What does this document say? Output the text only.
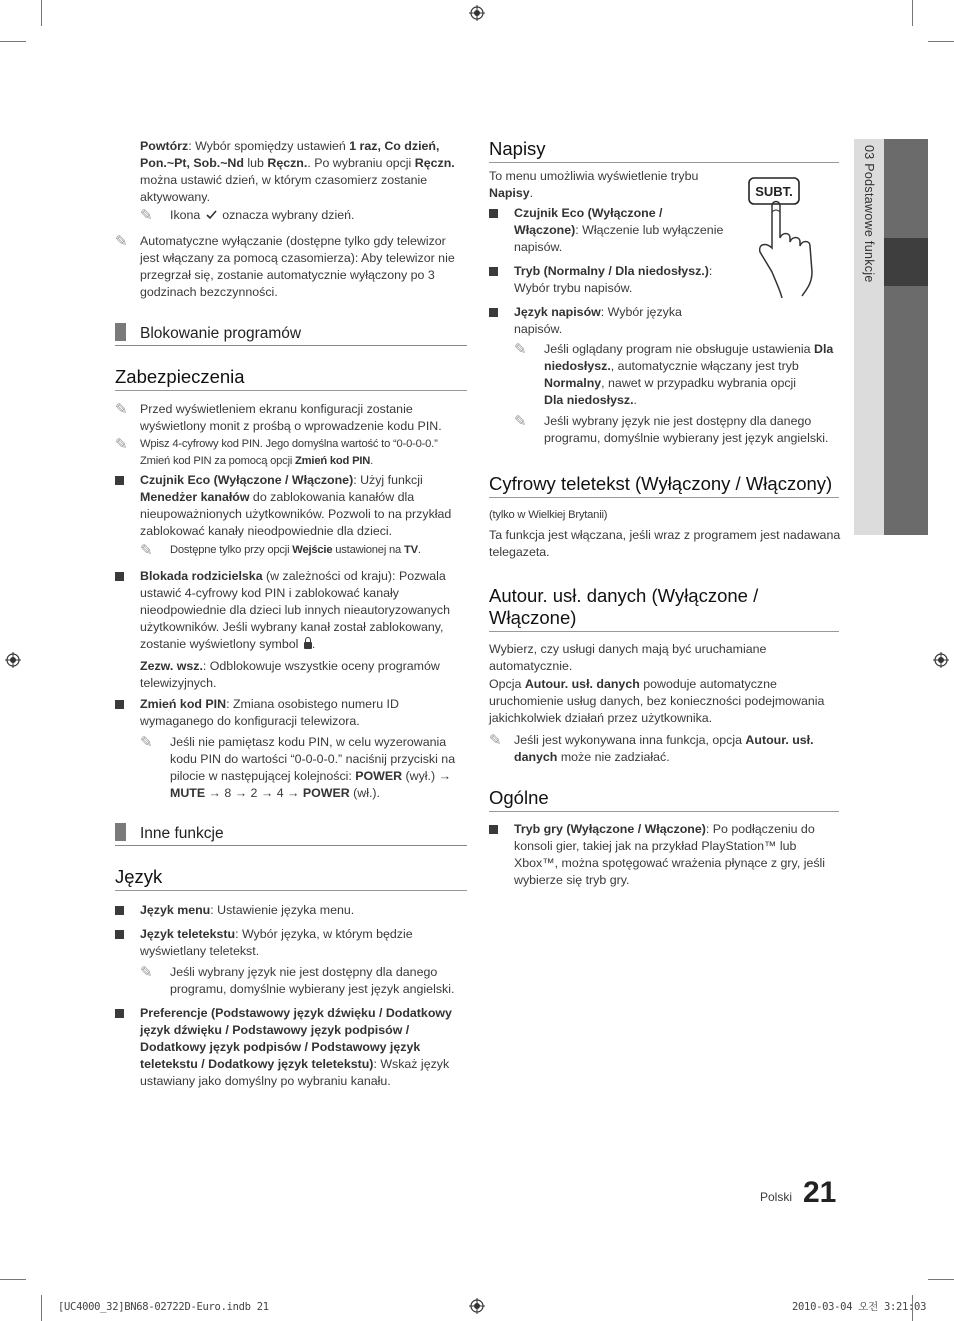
03 Podstawowe funkcje

Powtórz: Wybór spomiędzy ustawień 1 raz, Co dzień, Pon.~Pt, Sob.~Nd lub Ręczn.. Po wybraniu opcji Ręczn. można ustawić dzień, w którym czasomierz zostanie aktywowany.

✎ Ikona oznacza wybrany dzień.
✎ Automatyczne wyłączanie (dostępne tylko gdy telewizor jest włączany za pomocą czasomierza): Aby telewizor nie przegrzał się, zostanie automatycznie wyłączony po 3 godzinach bezczynności.
Blokowanie programów
Zabezpieczenia
✎ Przed wyświetleniem ekranu konfiguracji zostanie wyświetlony monit z prośbą o wprowadzenie kodu PIN.
✎ Wpisz 4-cyfrowy kod PIN. Jego domyślna wartość to “0-0-0-0.” Zmień kod PIN za pomocą opcji Zmień kod PIN.
Czujnik Eco (Wyłączone / Włączone): Użyj funkcji Menedżer kanałów do zablokowania kanałów dla nieupoważnionych użytkowników. Pozwoli to na przykład zablokować kanały nieodpowiednie dla dzieci.
✎ Dostępne tylko przy opcji Wejście ustawionej na TV.
Blokada rodzicielska (w zależności od kraju): Pozwala ustawić 4-cyfrowy kod PIN i zablokować kanały nieodpowiednie dla dzieci lub innych nieautoryzowanych użytkowników. Jeśli wybrany kanał został zablokowany, zostanie wyświetlony symbol .

Zezw. wsz.: Odblokowuje wszystkie oceny programów telewizyjnych.

Zmień kod PIN: Zmiana osobistego numeru ID wymaganego do konfiguracji telewizora.
✎ Jeśli nie pamiętasz kodu PIN, w celu wyzerowania kodu PIN do wartości “0-0-0-0.” naciśnij przyciski na pilocie w następującej kolejności: POWER (wył.) → MUTE → 8 → 2 → 4 → POWER (wł.).
Inne funkcje
Język
Język menu: Ustawienie języka menu.
Język teletekstu: Wybór języka, w którym będzie wyświetlany teletekst.
✎ Jeśli wybrany język nie jest dostępny dla danego programu, domyślnie wybierany jest język angielski.
Preferencje (Podstawowy język dźwięku / Dodatkowy język dźwięku / Podstawowy język podpisów / Dodatkowy język podpisów / Podstawowy język teletekstu / Dodatkowy język teletekstu): Wskaż język ustawiany jako domyślny po wybraniu kanału.
Napisy
SUBT.

To menu umożliwia wyświetlenie trybu Napisy.

Czujnik Eco (Wyłączone / Włączone): Włączenie lub wyłączenie napisów.
Tryb (Normalny / Dla niedosłysz.): Wybór trybu napisów.
Język napisów: Wybór języka napisów.
✎ Jeśli oglądany program nie obsługuje ustawienia Dla niedosłysz., automatycznie włączany jest tryb Normalny, nawet w przypadku wybrania opcji
Dla niedosłysz..
✎ Jeśli wybrany język nie jest dostępny dla danego programu, domyślnie wybierany jest język angielski.
Cyfrowy teletekst (Wyłączony / Włączony)

(tylko w Wielkiej Brytanii)

Ta funkcja jest włączana, jeśli wraz z programem jest nadawana telegazeta.

Autour. usł. danych (Wyłączone / Włączone)

Wybierz, czy usługi danych mają być uruchamiane automatycznie.

Opcja Autour. usł. danych powoduje automatyczne uruchomienie usług danych, bez konieczności podejmowania jakichkolwiek działań przez użytkownika.

✎ Jeśli jest wykonywana inna funkcja, opcja Autour. usł. danych może nie zadziałać.
Ogólne
Tryb gry (Wyłączone / Włączone): Po podłączeniu do konsoli gier, takiej jak na przykład PlayStation™ lub Xbox™, można spotęgować wrażenia płynące z gry, jeśli wybierze się tryb gry.
Polski 21
[UC4000_32]BN68-02722D-Euro.indb 21	2010-03-04 오전 3:21:03
